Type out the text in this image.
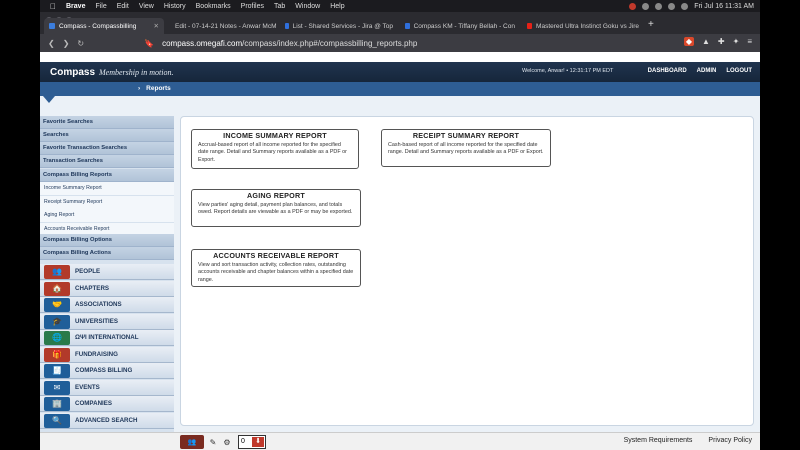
Brave File Edit View History Bookmarks Profiles Tab Window Help	Fri Jul 16 11:31 AM
Compass - Compassbilling	✕ Edit - 07-14-21 Notes - Anwar McM List - Shared Services - Jira @ Top	Compass KM - Tiffany Bellah - Con	Mastered Ultra Instinct Goku vs Jire +
❮ ❯ ↻	🔖 compass.omegafi.com/compass/index.php#/compassbilling_reports.php	◆ ▲ ✚ ✦ ≡
Compass Membership in motion.	Welcome, Anwar! • 12:31:17 PM EDT	DASHBOARD ADMIN LOGOUT
› Reports
Favorite Searches
Searches
Favorite Transaction Searches
Transaction Searches
Compass Billing Reports
Income Summary Report
Receipt Summary Report
Aging Report
Accounts Receivable Report
Compass Billing Options
Compass Billing Actions
👥	PEOPLE
🏠	CHAPTERS
🤝	ASSOCIATIONS
🎓	UNIVERSITIES
🌐	ΩΨΙ INTERNATIONAL
🎁	FUNDRAISING
🧾	COMPASS BILLING
✉	EVENTS
🏢	COMPANIES
🔍	ADVANCED SEARCH
INCOME SUMMARY REPORT
Accrual-based report of all income reported for the specified date range. Detail and Summary reports available as a PDF or Export.
RECEIPT SUMMARY REPORT
Cash-based report of all income reported for the specified date range. Detail and Summary reports available as a PDF or Export.
AGING REPORT
View parties' aging detail, payment plan balances, and totals owed. Report details are viewable as a PDF or may be exported.
ACCOUNTS RECEIVABLE REPORT
View and sort transaction activity, collection rates, outstanding accounts receivable and chapter balances within a specified date range.
👥	✎ ⚙	0	⬇	System Requirements Privacy Policy
